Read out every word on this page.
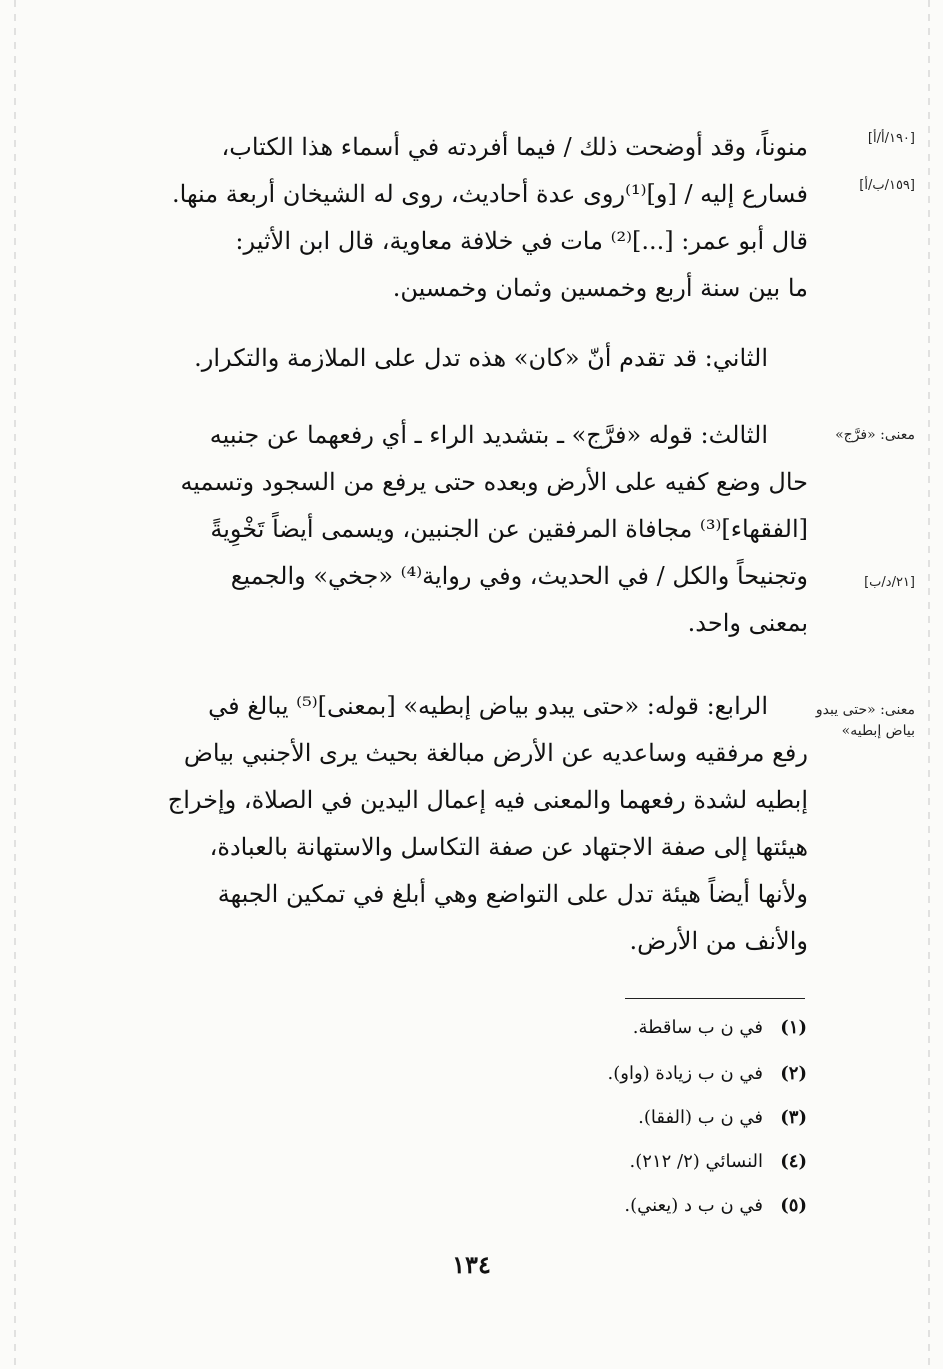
[١٩٠/أ/أ]
[١٥٩/ب/أ]
[٢١/د/ب]
معنى: «فرَّج»
معنى: «حتى يبدو بياض إبطيه»
منوناً، وقد أوضحت ذلك / فيما أفردته في أسماء هذا الكتاب،
فسارع إليه / [و]⁽¹⁾روى عدة أحاديث، روى له الشيخان أربعة منها.
قال أبو عمر: [...]⁽²⁾ مات في خلافة معاوية، قال ابن الأثير:
ما بين سنة أربع وخمسين وثمان وخمسين.
الثاني: قد تقدم أنّ «كان» هذه تدل على الملازمة والتكرار.
الثالث: قوله «فرَّج» ـ بتشديد الراء ـ أي رفعهما عن جنبيه
حال وضع كفيه على الأرض وبعده حتى يرفع من السجود وتسميه
[الفقهاء]⁽³⁾ مجافاة المرفقين عن الجنبين، ويسمى أيضاً تَخْوِيةً
وتجنيحاً والكل / في الحديث، وفي رواية⁽⁴⁾ «جخي» والجميع
بمعنى واحد.
الرابع: قوله: «حتى يبدو بياض إبطيه» [بمعنى]⁽⁵⁾ يبالغ في
رفع مرفقيه وساعديه عن الأرض مبالغة بحيث يرى الأجنبي بياض
إبطيه لشدة رفعهما والمعنى فيه إعمال اليدين في الصلاة، وإخراج
هيئتها إلى صفة الاجتهاد عن صفة التكاسل والاستهانة بالعبادة،
ولأنها أيضاً هيئة تدل على التواضع وهي أبلغ في تمكين الجبهة
والأنف من الأرض.
(١)في ن ب ساقطة.
(٢)في ن ب زيادة (واو).
(٣)في ن ب (الفقا).
(٤)النسائي (٢/ ٢١٢).
(٥)في ن ب د (يعني).
١٣٤
